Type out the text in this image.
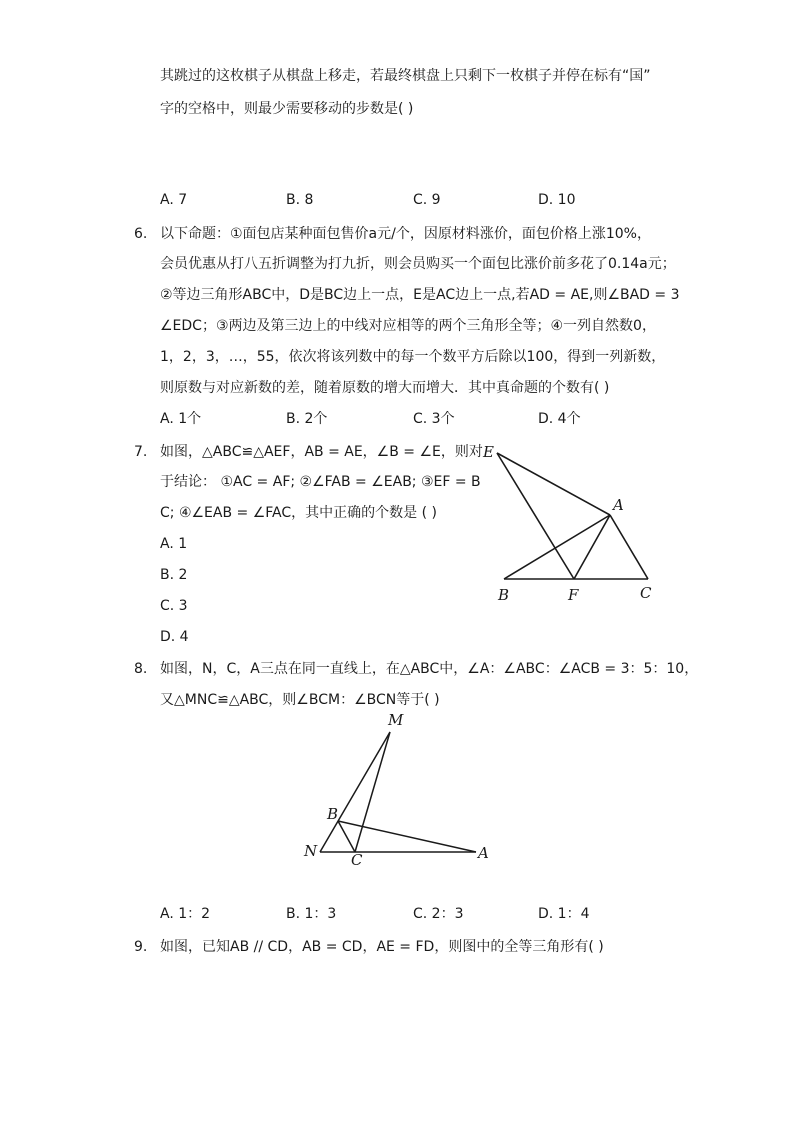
其跳过的这枚棋子从棋盘上移走，若最终棋盘上只剩下一枚棋子并停在标有“国”
字的空格中，则最少需要移动的步数是( )
A. 7	B. 8	C. 9	D. 10
6. 以下命题：①面包店某种面包售价a元/个，因原材料涨价，面包价格上涨10%，
会员优惠从打八五折调整为打九折，则会员购买一个面包比涨价前多花了0.14a元；
②等边三角形ABC中，D是BC边上一点，E是AC边上一点,若AD = AE,则∠BAD = 3
∠EDC；③两边及第三边上的中线对应相等的两个三角形全等；④一列自然数0，
1，2，3，…，55，依次将该列数中的每一个数平方后除以100，得到一列新数，
则原数与对应新数的差，随着原数的增大而增大．其中真命题的个数有( )
A. 1个	B. 2个	C. 3个	D. 4个
7. 如图，△ABC≌△AEF，AB = AE，∠B = ∠E，则对
于结论： ①AC = AF; ②∠FAB = ∠EAB; ③EF = B
C; ④∠EAB = ∠FAC，其中正确的个数是 ( )
A. 1
B. 2
C. 3
D. 4
E
A
B	F	C
8. 如图，N，C，A三点在同一直线上，在△ABC中，∠A：∠ABC：∠ACB = 3：5：10，
又△MNC≌△ABC，则∠BCM：∠BCN等于( )
M
B
N C	A
A. 1：2	B. 1：3	C. 2：3	D. 1：4
9. 如图，已知AB // CD，AB = CD，AE = FD，则图中的全等三角形有( )
